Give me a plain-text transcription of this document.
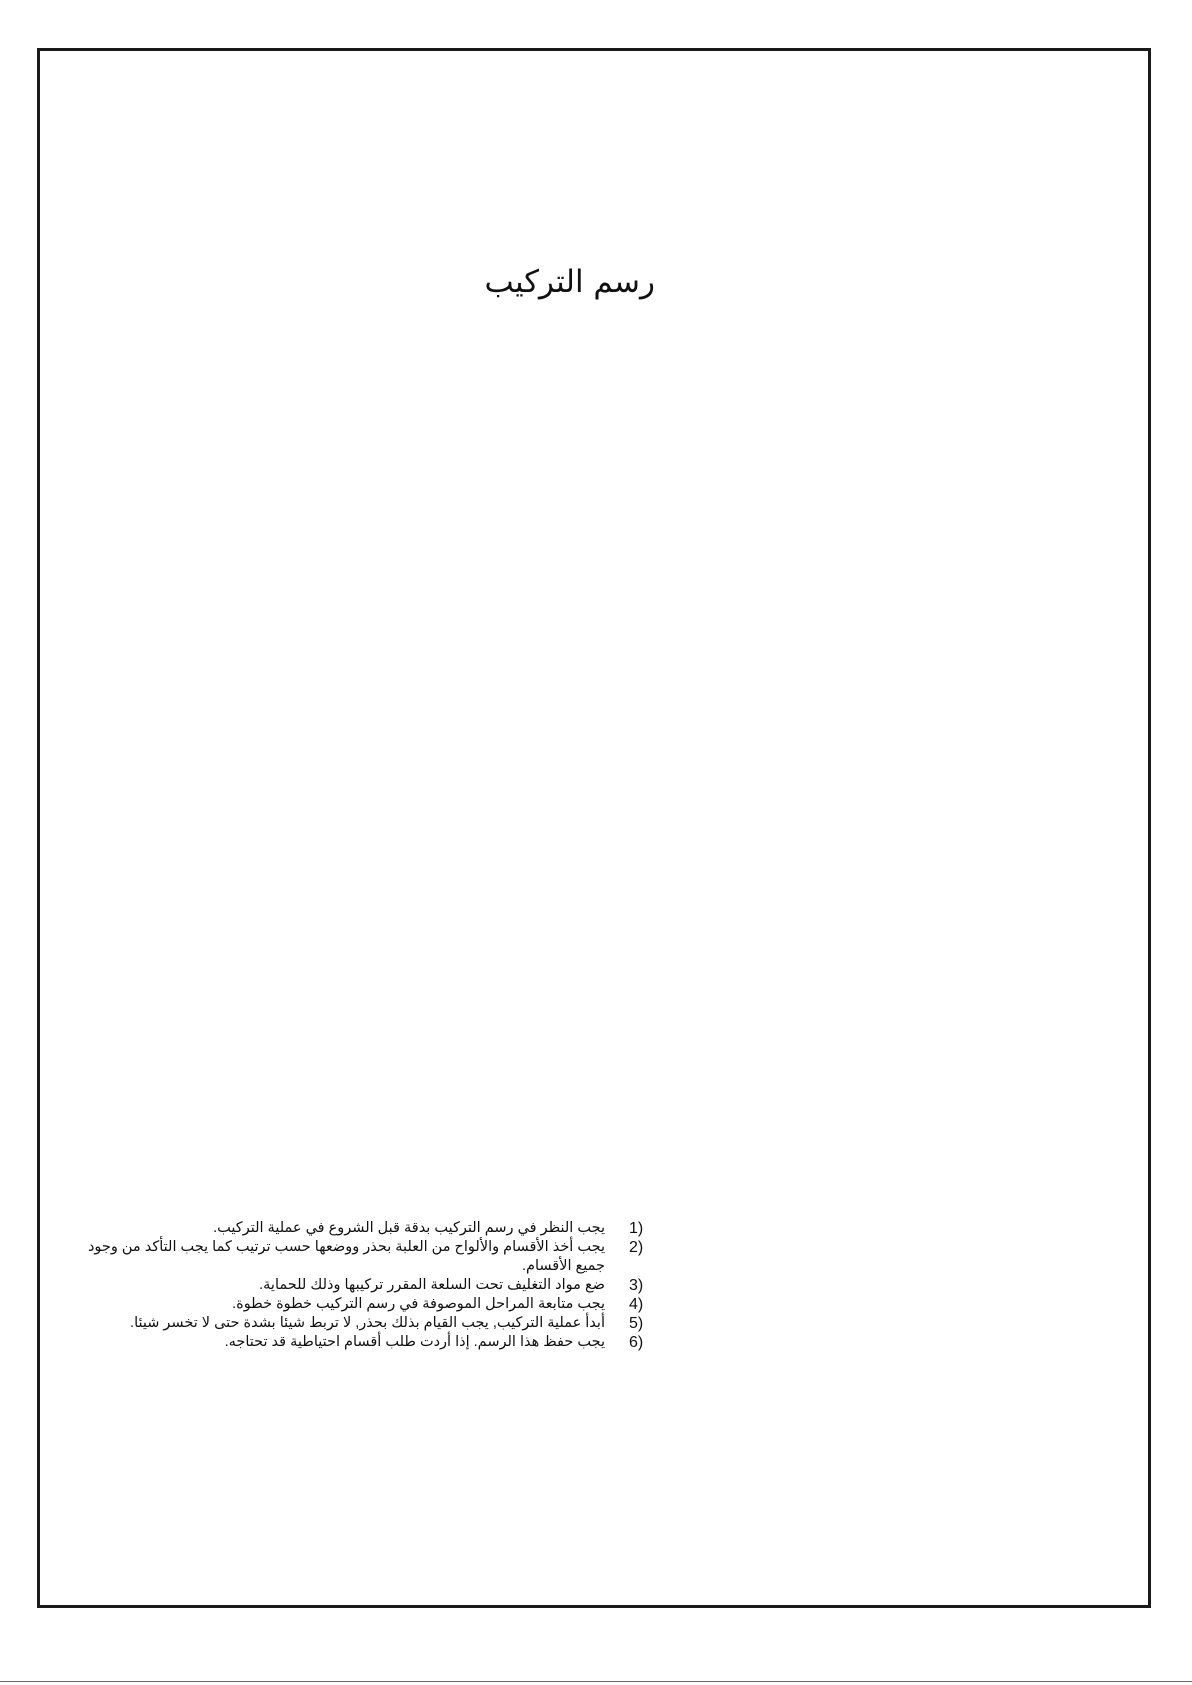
رسم التركيب
1)
يجب النظر في رسم التركيب بدقة قبل الشروع في عملية التركيب.
2)
يجب أخذ الأقسام والألواح من العلبة بحذر ووضعها حسب ترتيب كما يجب التأكد من وجود جميع الأقسام.
3)
ضع مواد التغليف تحت السلعة المقرر تركيبها وذلك للحماية.
4)
يجب متابعة المراحل الموصوفة في رسم التركيب خطوة خطوة.
5)
أبدأ عملية التركيب, يجب القيام بذلك بحذر, لا تربط شيئا بشدة حتى لا تخسر شيئا.
6)
يجب حفظ هذا الرسم. إذا أردت طلب أقسام احتياطية قد تحتاجه.
